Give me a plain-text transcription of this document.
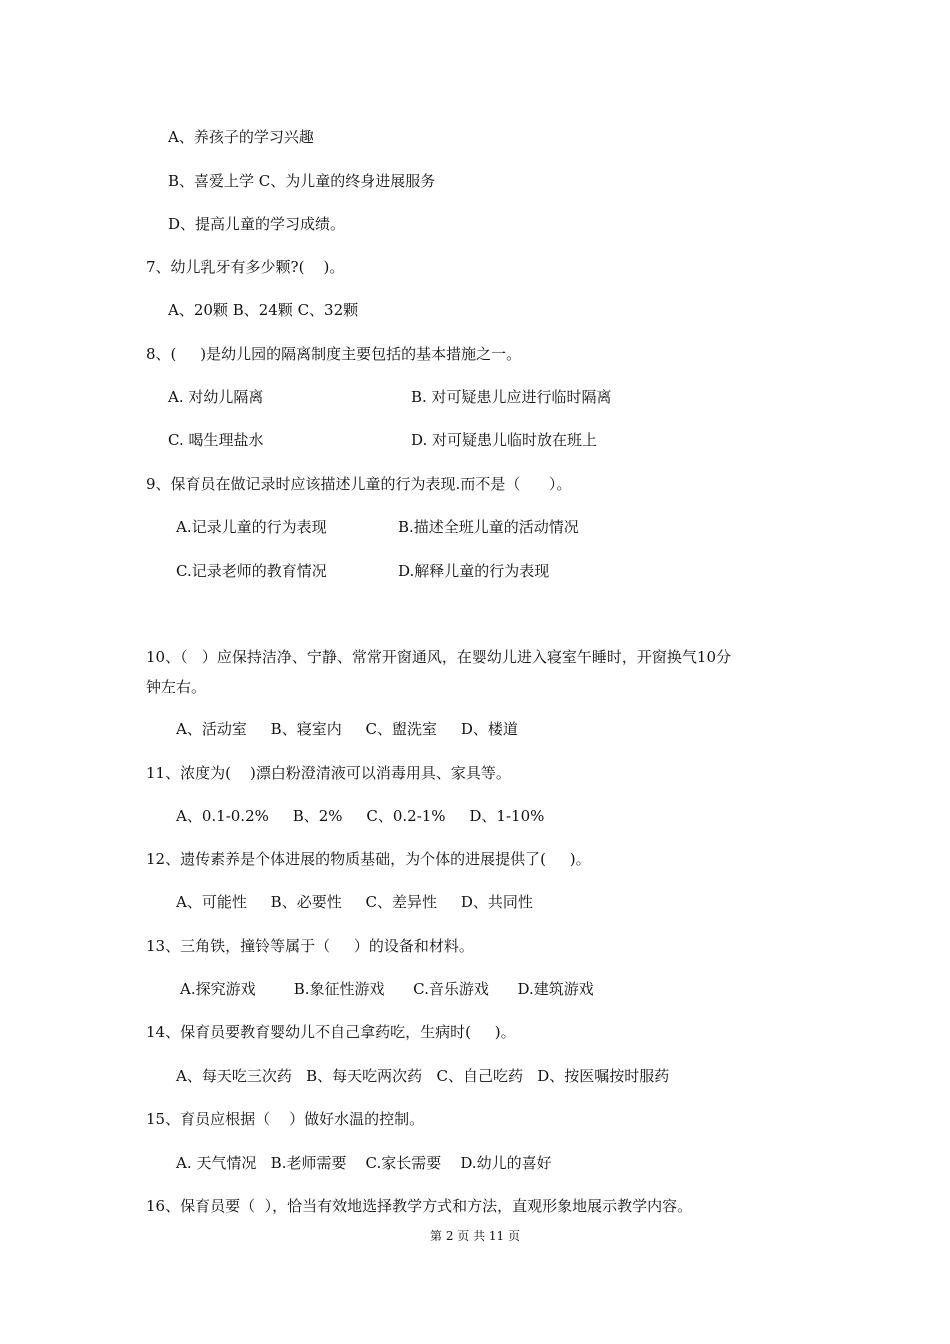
A、养孩子的学习兴趣
B、喜爱上学 C、为儿童的终身进展服务
D、提高儿童的学习成绩。
7、幼儿乳牙有多少颗?(    )。
A、20颗 B、24颗 C、32颗
8、(     )是幼儿园的隔离制度主要包括的基本措施之一。
A. 对幼儿隔离	B. 对可疑患儿应进行临时隔离
C. 喝生理盐水	D. 对可疑患儿临时放在班上
9、保育员在做记录时应该描述儿童的行为表现.而不是（      ）。
A.记录儿童的行为表现	B.描述全班儿童的活动情况
C.记录老师的教育情况	D.解释儿童的行为表现
10、（   ）应保持洁净、宁静、常常开窗通风，在婴幼儿进入寝室午睡时，开窗换气10分
钟左右。
A、活动室     B、寝室内     C、盥洗室     D、楼道
11、浓度为(    )漂白粉澄清液可以消毒用具、家具等。
A、0.1-0.2%     B、2%     C、0.2-1%     D、1-10%
12、遗传素养是个体进展的物质基础，为个体的进展提供了(     )。
A、可能性     B、必要性     C、差异性     D、共同性
13、三角铁，撞铃等属于（     ）的设备和材料。
A.探究游戏        B.象征性游戏      C.音乐游戏      D.建筑游戏
14、保育员要教育婴幼儿不自己拿药吃，生病时(     )。
A、每天吃三次药   B、每天吃两次药   C、自己吃药   D、按医嘱按时服药
15、育员应根据（    ）做好水温的控制。
A. 天气情况   B.老师需要    C.家长需要    D.幼儿的喜好
16、保育员要（  ），恰当有效地选择教学方式和方法，直观形象地展示教学内容。
第 2 页 共 11 页
